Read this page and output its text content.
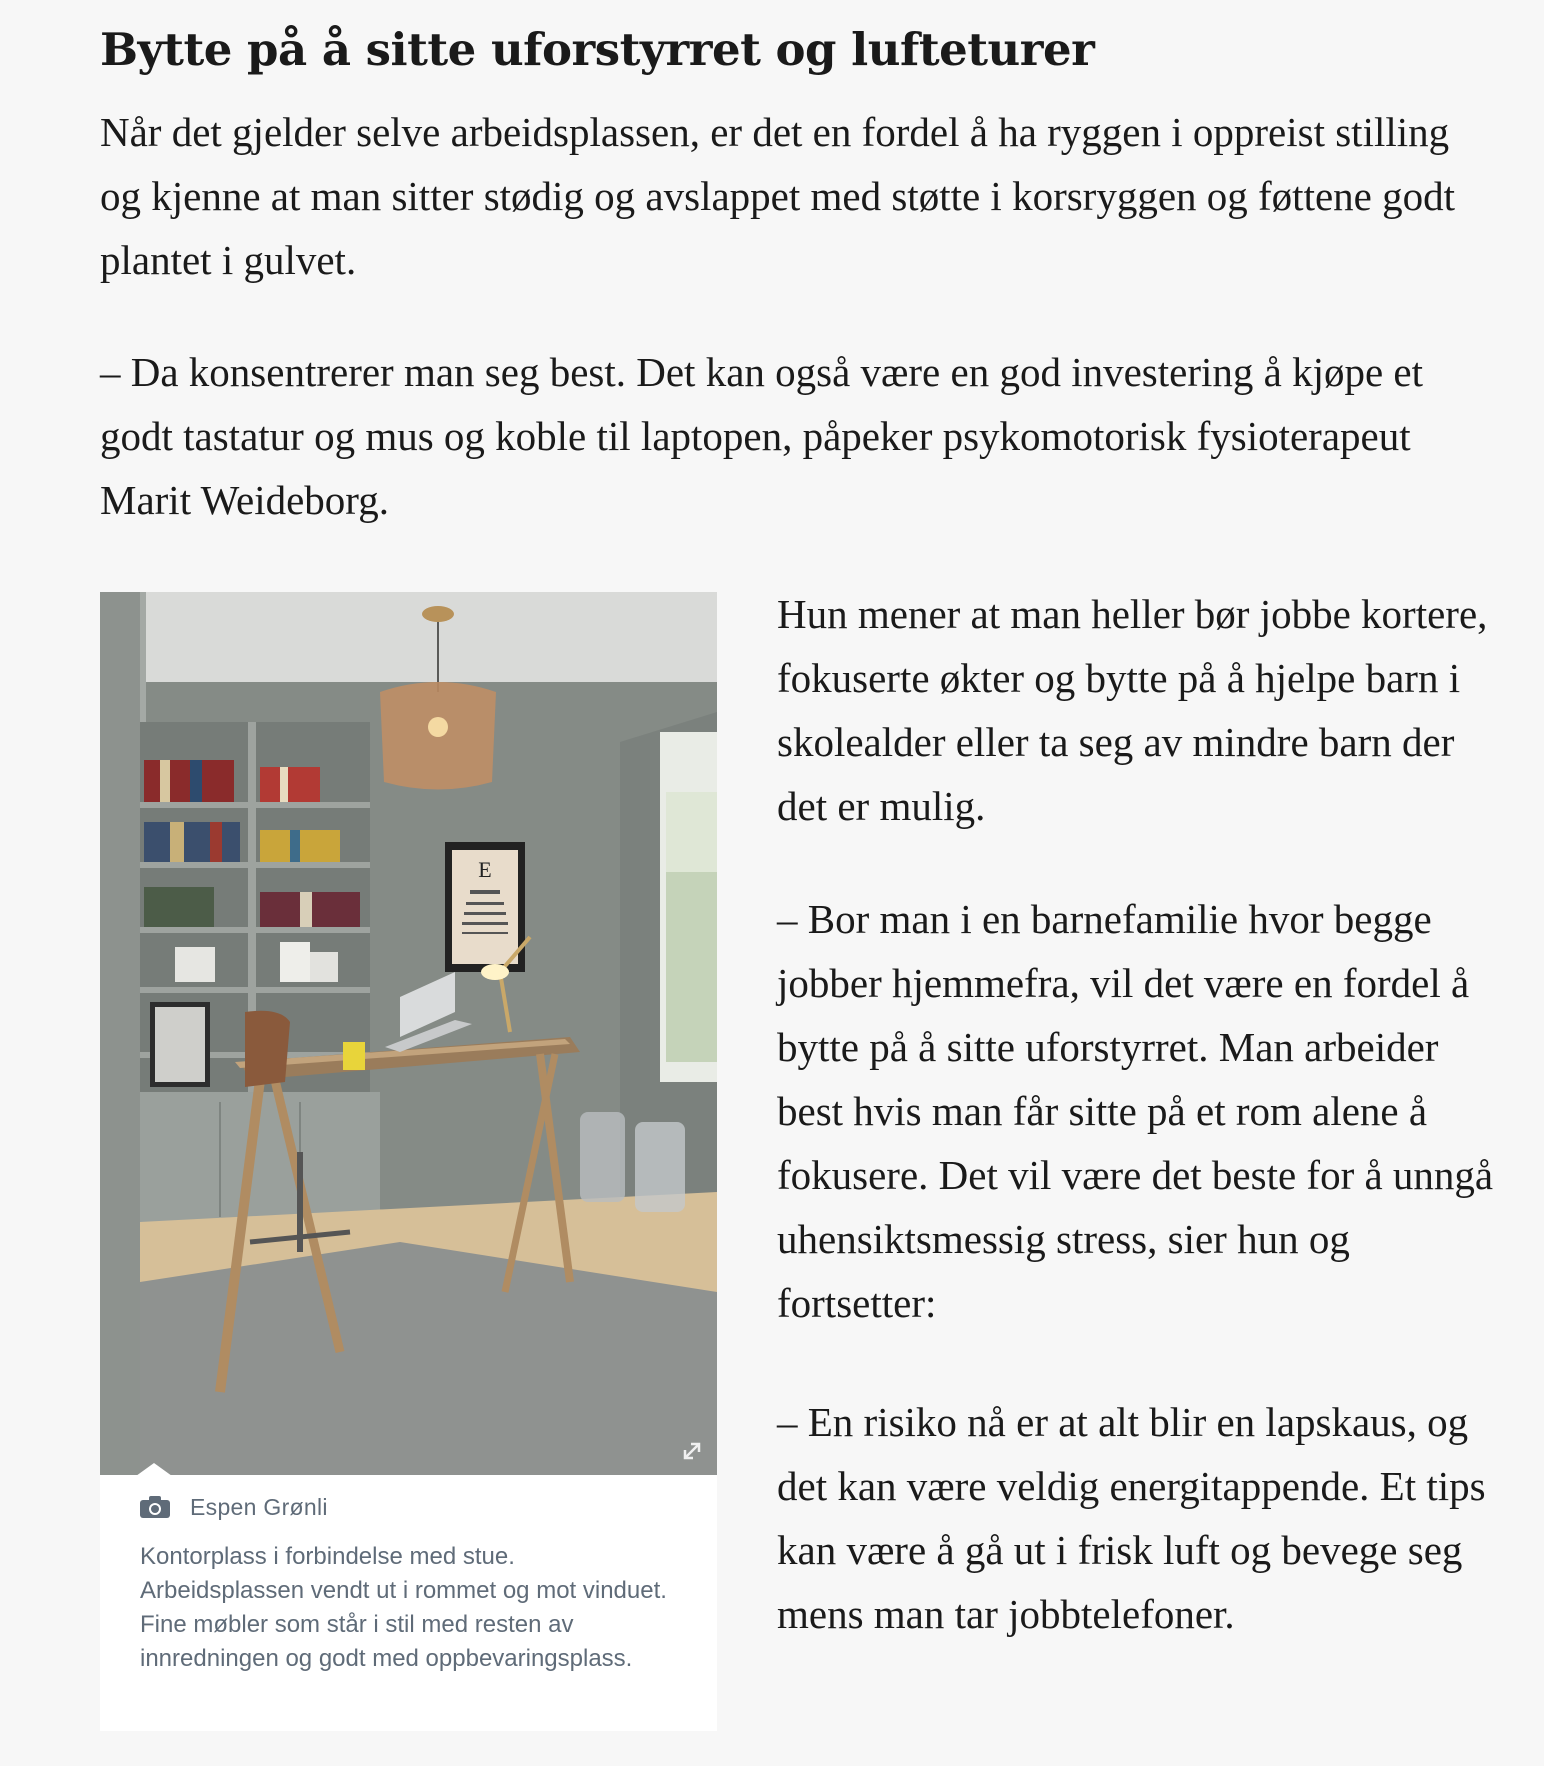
Bytte på å sitte uforstyrret og lufteturer

Når det gjelder selve arbeidsplassen, er det en fordel å ha ryggen i oppreist stilling og kjenne at man sitter stødig og avslappet med støtte i korsryggen og føttene godt plantet i gulvet.

– Da konsentrerer man seg best. Det kan også være en god investering å kjøpe et godt tastatur og mus og koble til laptopen, påpeker psykomotorisk fysioterapeut Marit Weideborg.

E
Espen Grønli
Kontorplass i forbindelse med stue. Arbeidsplassen vendt ut i rommet og mot vinduet. Fine møbler som står i stil med resten av innredningen og godt med oppbevaringsplass.

Hun mener at man heller bør jobbe kortere, fokuserte økter og bytte på å hjelpe barn i skolealder eller ta seg av mindre barn der det er mulig.

– Bor man i en barnefamilie hvor begge jobber hjemmefra, vil det være en fordel å bytte på å sitte uforstyrret. Man arbeider best hvis man får sitte på et rom alene å fokusere. Det vil være det beste for å unngå uhensiktsmessig stress, sier hun og fortsetter:

– En risiko nå er at alt blir en lapskaus, og det kan være veldig energitappende. Et tips kan være å gå ut i frisk luft og bevege seg mens man tar jobbtelefoner.
